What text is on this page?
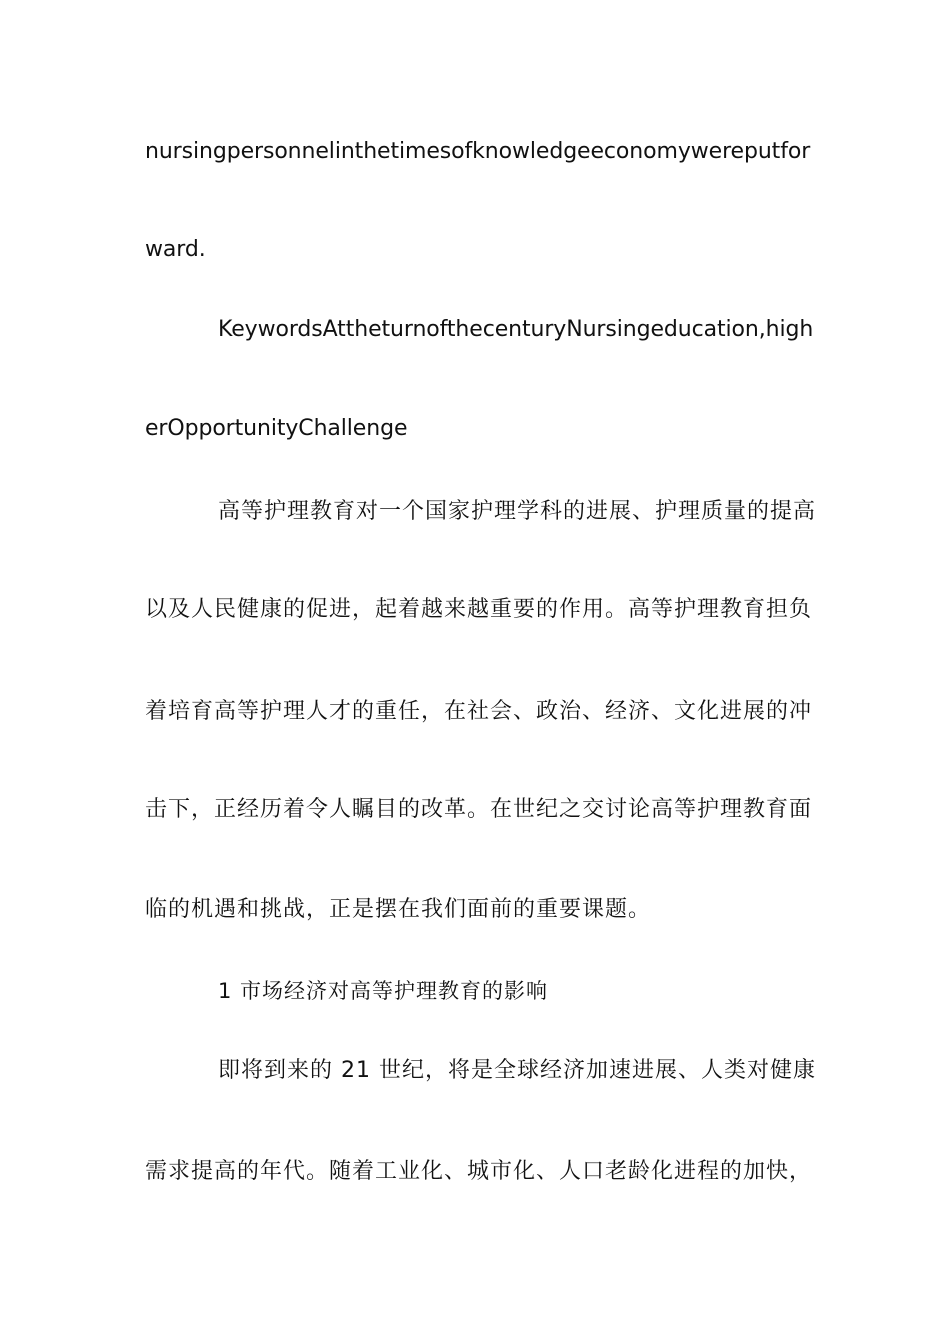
nursingpersonnelinthetimesofknowledgeeconomywereputfor
ward.
KeywordsAttheturnofthecenturyNursingeducation,high
erOpportunityChallenge
高等护理教育对一个国家护理学科的进展、护理质量的提高
以及人民健康的促进，起着越来越重要的作用。高等护理教育担负
着培育高等护理人才的重任，在社会、政治、经济、文化进展的冲
击下，正经历着令人瞩目的改革。在世纪之交讨论高等护理教育面
临的机遇和挑战，正是摆在我们面前的重要课题。
1 市场经济对高等护理教育的影响
即将到来的 21 世纪，将是全球经济加速进展、人类对健康
需求提高的年代。随着工业化、城市化、人口老龄化进程的加快，
